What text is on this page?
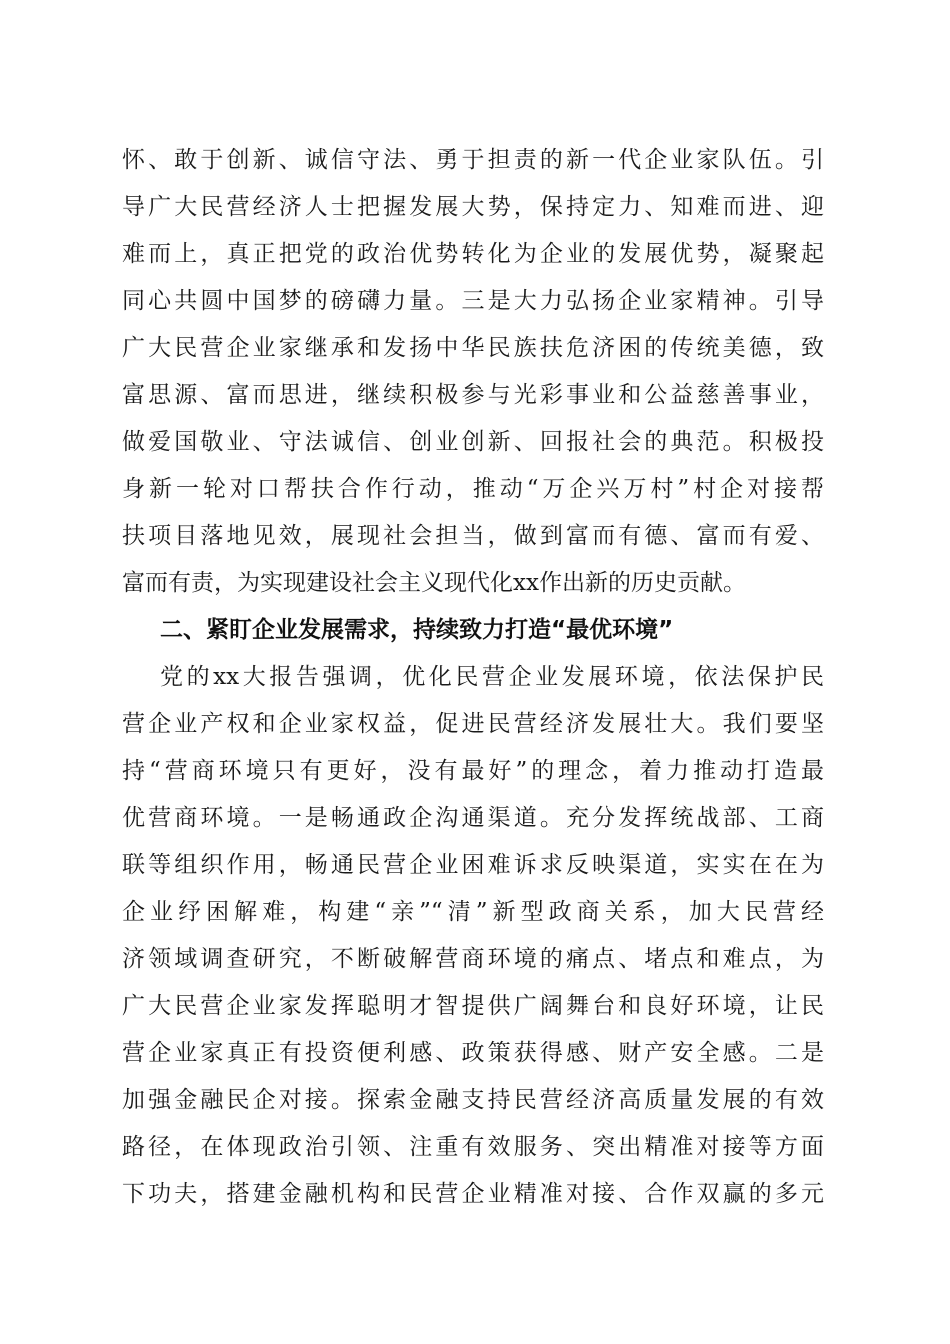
怀、敢于创新、诚信守法、勇于担责的新一代企业家队伍。引
导广大民营经济人士把握发展大势，保持定力、知难而进、迎
难而上，真正把党的政治优势转化为企业的发展优势，凝聚起
同心共圆中国梦的磅礴力量。三是大力弘扬企业家精神。引导
广大民营企业家继承和发扬中华民族扶危济困的传统美德，致
富思源、富而思进，继续积极参与光彩事业和公益慈善事业，
做爱国敬业、守法诚信、创业创新、回报社会的典范。积极投
身新一轮对口帮扶合作行动，推动“万企兴万村”村企对接帮
扶项目落地见效，展现社会担当，做到富而有德、富而有爱、
富而有责，为实现建设社会主义现代化xx作出新的历史贡献。
二、紧盯企业发展需求，持续致力打造“最优环境”
党的xx大报告强调，优化民营企业发展环境，依法保护民
营企业产权和企业家权益，促进民营经济发展壮大。我们要坚
持“营商环境只有更好，没有最好”的理念，着力推动打造最
优营商环境。一是畅通政企沟通渠道。充分发挥统战部、工商
联等组织作用，畅通民营企业困难诉求反映渠道，实实在在为
企业纾困解难，构建“亲”“清”新型政商关系，加大民营经
济领域调查研究，不断破解营商环境的痛点、堵点和难点，为
广大民营企业家发挥聪明才智提供广阔舞台和良好环境，让民
营企业家真正有投资便利感、政策获得感、财产安全感。二是
加强金融民企对接。探索金融支持民营经济高质量发展的有效
路径，在体现政治引领、注重有效服务、突出精准对接等方面
下功夫，搭建金融机构和民营企业精准对接、合作双赢的多元
